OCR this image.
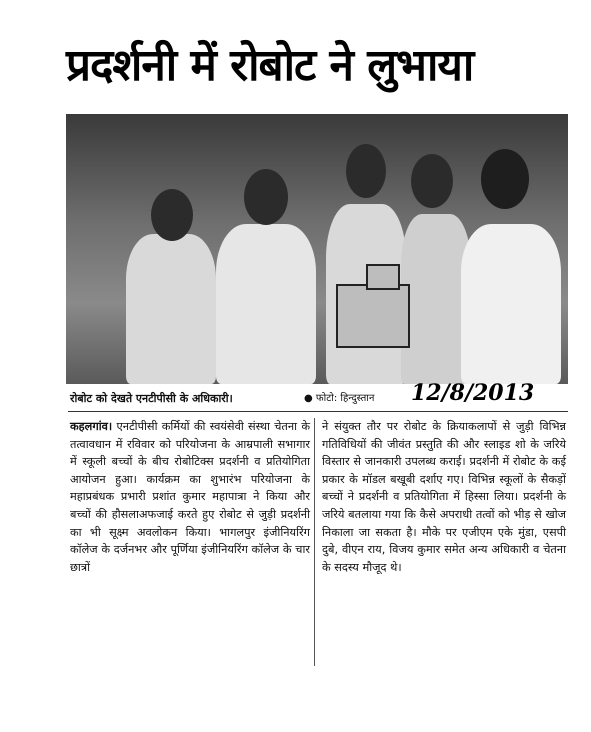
प्रदर्शनी में रोबोट ने लुभाया
रोबोट को देखते एनटीपीसी के अधिकारी।	● फोटो: हिन्दुस्तान 12/8/2013
कहलगांव। एनटीपीसी कर्मियों की स्वयंसेवी संस्था चेतना के तत्वावधान में रविवार को परियोजना के आम्रपाली सभागार में स्कूली बच्चों के बीच रोबोटिक्स प्रदर्शनी व प्रतियोगिता आयोजन हुआ। कार्यक्रम का शुभारंभ परियोजना के महाप्रबंधक प्रभारी प्रशांत कुमार महापात्रा ने किया और बच्चों की हौसलाअफजाई करते हुए रोबोट से जुड़ी प्रदर्शनी का भी सूक्ष्म अवलोकन किया। भागलपुर इंजीनियरिंग कॉलेज के दर्जनभर और पूर्णिया इंजीनियरिंग कॉलेज के चार छात्रों
ने संयुक्त तौर पर रोबोट के क्रियाकलापों से जुड़ी विभिन्न गतिविधियों की जीवंत प्रस्तुति की और स्लाइड शो के जरिये विस्तार से जानकारी उपलब्ध कराई। प्रदर्शनी में रोबोट के कई प्रकार के मॉडल बखूबी दर्शाए गए। विभिन्न स्कूलों के सैकड़ों बच्चों ने प्रदर्शनी व प्रतियोगिता में हिस्सा लिया। प्रदर्शनी के जरिये बतलाया गया कि कैसे अपराधी तत्वों को भीड़ से खोज निकाला जा सकता है। मौके पर एजीएम एके मुंडा, एसपी दुबे, वीएन राय, विजय कुमार समेत अन्य अधिकारी व चेतना के सदस्य मौजूद थे।
